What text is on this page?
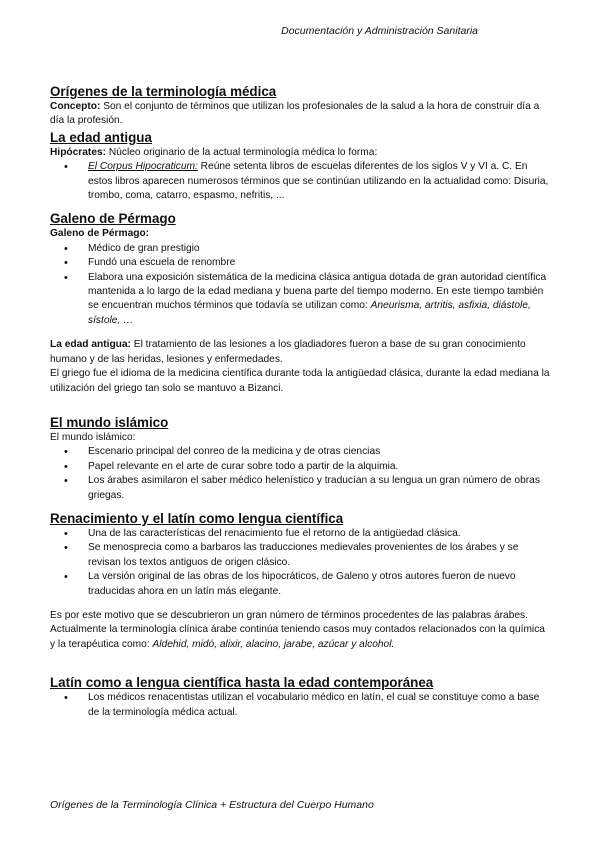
Documentación y Administración Sanitaria
Orígenes de la terminología médica

Concepto: Son el conjunto de términos que utilizan los profesionales de la salud a la hora de construir día a día la profesión.

La edad antigua

Hipócrates: Núcleo originario de la actual terminología médica lo forma:

• El Corpus Hipocraticum: Reúne setenta libros de escuelas diferentes de los siglos V y VI a. C. En estos libros aparecen numerosos términos que se continúan utilizando en la actualidad como: Disuria, trombo, coma, catarro, espasmo, nefritis, ...
Galeno de Pérmago

Galeno de Pérmago:

• Médico de gran prestigio
• Fundó una escuela de renombre
• Elabora una exposición sistemática de la medicina clásica antigua dotada de gran autoridad científica mantenida a lo largo de la edad mediana y buena parte del tiempo moderno. En este tiempo también se encuentran muchos términos que todavía se utilizan como: Aneurisma, artritis, asfixia, diástole, sístole, …

La edad antigua: El tratamiento de las lesiones a los gladiadores fueron a base de su gran conocimiento humano y de las heridas, lesiones y enfermedades.

El griego fue el idioma de la medicina científica durante toda la antigüedad clásica, durante la edad mediana la utilización del griego tan solo se mantuvo a Bizanci.

El mundo islámico

El mundo islámico:

• Escenario principal del conreo de la medicina y de otras ciencias
• Papel relevante en el arte de curar sobre todo a partir de la alquimia.
• Los árabes asimilaron el saber médico helenístico y traducían a su lengua un gran número de obras griegas.
Renacimiento y el latín como lengua científica
• Una de las características del renacimiento fue el retorno de la antigüedad clásica.
• Se menosprecia como a barbaros las traducciones medievales provenientes de los árabes y se revisan los textos antiguos de origen clásico.
• La versión original de las obras de los hipocráticos, de Galeno y otros autores fueron de nuevo traducidas ahora en un latín más elegante.

Es por este motivo que se descubrieron un gran número de términos procedentes de las palabras árabes.

Actualmente la terminología clínica árabe continúa teniendo casos muy contados relacionados con la química y la terapéutica como: Aldehid, midó, alixir, alacino, jarabe, azúcar y alcohol.

Latín como a lengua científica hasta la edad contemporánea
• Los médicos renacentistas utilizan el vocabulario médico en latín, el cual se constituye como a base de la terminología médica actual.
Orígenes de la Terminología Clínica + Estructura del Cuerpo Humano
